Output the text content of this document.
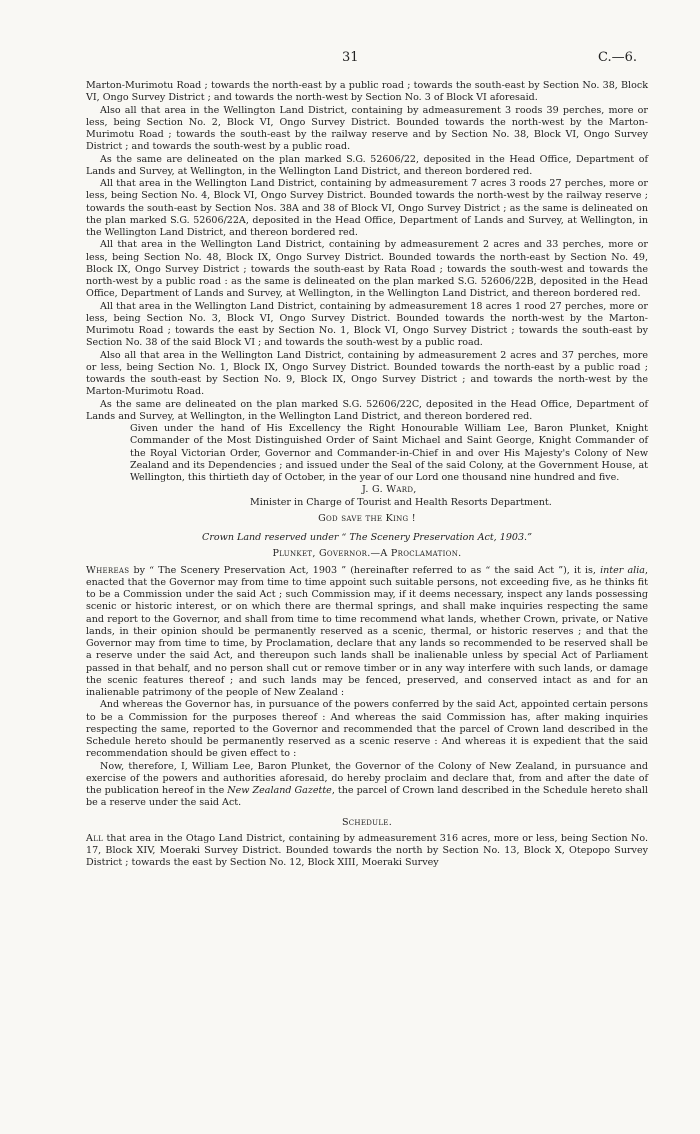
31	C.—6.

Marton-Murimotu Road ; towards the north-east by a public road ; towards the south-east by Section No. 38, Block VI, Ongo Survey District ; and towards the north-west by Section No. 3 of Block VI aforesaid.

Also all that area in the Wellington Land District, containing by admeasurement 3 roods 39 perches, more or less, being Section No. 2, Block VI, Ongo Survey District. Bounded towards the north-west by the Marton-Murimotu Road ; towards the south-east by the railway reserve and by Section No. 38, Block VI, Ongo Survey District ; and towards the south-west by a public road.

As the same are delineated on the plan marked S.G. 52606/22, deposited in the Head Office, Department of Lands and Survey, at Wellington, in the Wellington Land District, and thereon bordered red.

All that area in the Wellington Land District, containing by admeasurement 7 acres 3 roods 27 perches, more or less, being Section No. 4, Block VI, Ongo Survey District. Bounded towards the north-west by the railway reserve ; towards the south-east by Section Nos. 38A and 38 of Block VI, Ongo Survey District ; as the same is delineated on the plan marked S.G. 52606/22A, deposited in the Head Office, Department of Lands and Survey, at Wellington, in the Wellington Land District, and thereon bordered red.

All that area in the Wellington Land District, containing by admeasurement 2 acres and 33 perches, more or less, being Section No. 48, Block IX, Ongo Survey District. Bounded towards the north-east by Section No. 49, Block IX, Ongo Survey District ; towards the south-east by Rata Road ; towards the south-west and towards the north-west by a public road : as the same is delineated on the plan marked S.G. 52606/22B, deposited in the Head Office, Department of Lands and Survey, at Wellington, in the Wellington Land District, and thereon bordered red.

All that area in the Wellington Land District, containing by admeasurement 18 acres 1 rood 27 perches, more or less, being Section No. 3, Block VI, Ongo Survey District. Bounded towards the north-west by the Marton-Murimotu Road ; towards the east by Section No. 1, Block VI, Ongo Survey District ; towards the south-east by Section No. 38 of the said Block VI ; and towards the south-west by a public road.

Also all that area in the Wellington Land District, containing by admeasurement 2 acres and 37 perches, more or less, being Section No. 1, Block IX, Ongo Survey District. Bounded towards the north-east by a public road ; towards the south-east by Section No. 9, Block IX, Ongo Survey District ; and towards the north-west by the Marton-Murimotu Road.

As the same are delineated on the plan marked S.G. 52606/22C, deposited in the Head Office, Department of Lands and Survey, at Wellington, in the Wellington Land District, and thereon bordered red.

Given under the hand of His Excellency the Right Honourable William Lee, Baron Plunket, Knight Commander of the Most Distinguished Order of Saint Michael and Saint George, Knight Commander of the Royal Victorian Order, Governor and Commander-in-Chief in and over His Majesty's Colony of New Zealand and its Dependencies ; and issued under the Seal of the said Colony, at the Government House, at Wellington, this thirtieth day of October, in the year of our Lord one thousand nine hundred and five.

J. G. Ward,

Minister in Charge of Tourist and Health Resorts Department.

God save the King !

Crown Land reserved under “ The Scenery Preservation Act, 1903.”

Plunket, Governor.—A Proclamation.

Whereas by “ The Scenery Preservation Act, 1903 ” (hereinafter referred to as “ the said Act ”), it is, inter alia, enacted that the Governor may from time to time appoint such suitable persons, not exceeding five, as he thinks fit to be a Commission under the said Act ; such Commission may, if it deems necessary, inspect any lands possessing scenic or historic interest, or on which there are thermal springs, and shall make inquiries respecting the same and report to the Governor, and shall from time to time recommend what lands, whether Crown, private, or Native lands, in their opinion should be permanently reserved as a scenic, thermal, or historic reserves ; and that the Governor may from time to time, by Proclamation, declare that any lands so recommended to be reserved shall be a reserve under the said Act, and thereupon such lands shall be inalienable unless by special Act of Parliament passed in that behalf, and no person shall cut or remove timber or in any way interfere with such lands, or damage the scenic features thereof ; and such lands may be fenced, preserved, and conserved intact as and for an inalienable patrimony of the people of New Zealand :

And whereas the Governor has, in pursuance of the powers conferred by the said Act, appointed certain persons to be a Commission for the purposes thereof : And whereas the said Commission has, after making inquiries respecting the same, reported to the Governor and recommended that the parcel of Crown land described in the Schedule hereto should be permanently reserved as a scenic reserve : And whereas it is expedient that the said recommendation should be given effect to :

Now, therefore, I, William Lee, Baron Plunket, the Governor of the Colony of New Zealand, in pursuance and exercise of the powers and authorities aforesaid, do hereby proclaim and declare that, from and after the date of the publication hereof in the New Zealand Gazette, the parcel of Crown land described in the Schedule hereto shall be a reserve under the said Act.

Schedule.

All that area in the Otago Land District, containing by admeasurement 316 acres, more or less, being Section No. 17, Block XIV, Moeraki Survey District. Bounded towards the north by Section No. 13, Block X, Otepopo Survey District ; towards the east by Section No. 12, Block XIII, Moeraki Survey
